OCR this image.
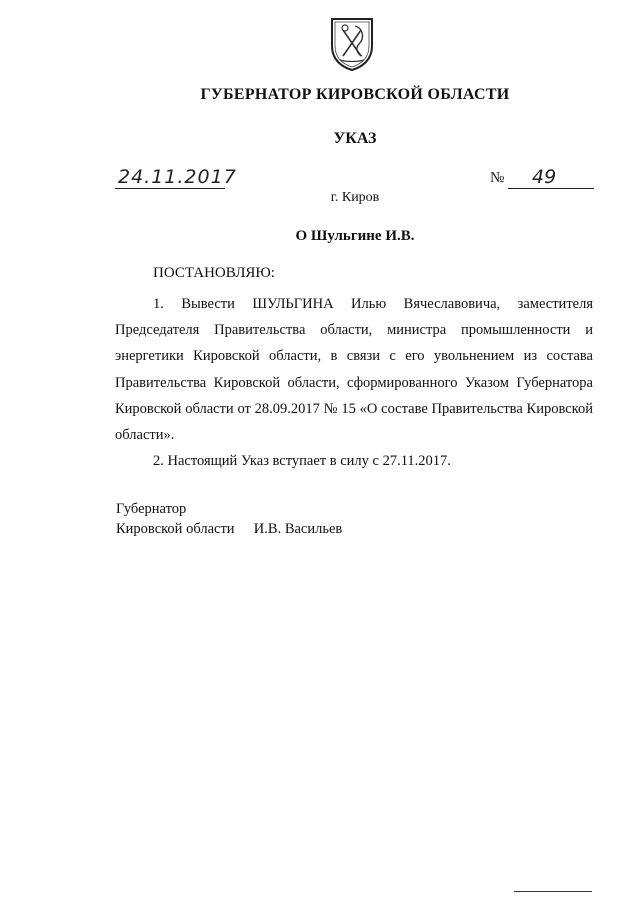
ГУБЕРНАТОР КИРОВСКОЙ ОБЛАСТИ
УКАЗ
24.11.2017	№ 49
г. Киров
О Шульгине И.В.
ПОСТАНОВЛЯЮ:

1. Вывести ШУЛЬГИНА Илью Вячеславовича, заместителя Председателя Правительства области, министра промышленности и энергетики Кировской области, в связи с его увольнением из состава Правительства Кировской области, сформированного Указом Губернатора Кировской области от 28.09.2017 № 15 «О составе Правительства Кировской области».

2. Настоящий Указ вступает в силу с 27.11.2017.

Губернатор
Кировской области И.В. Васильев
